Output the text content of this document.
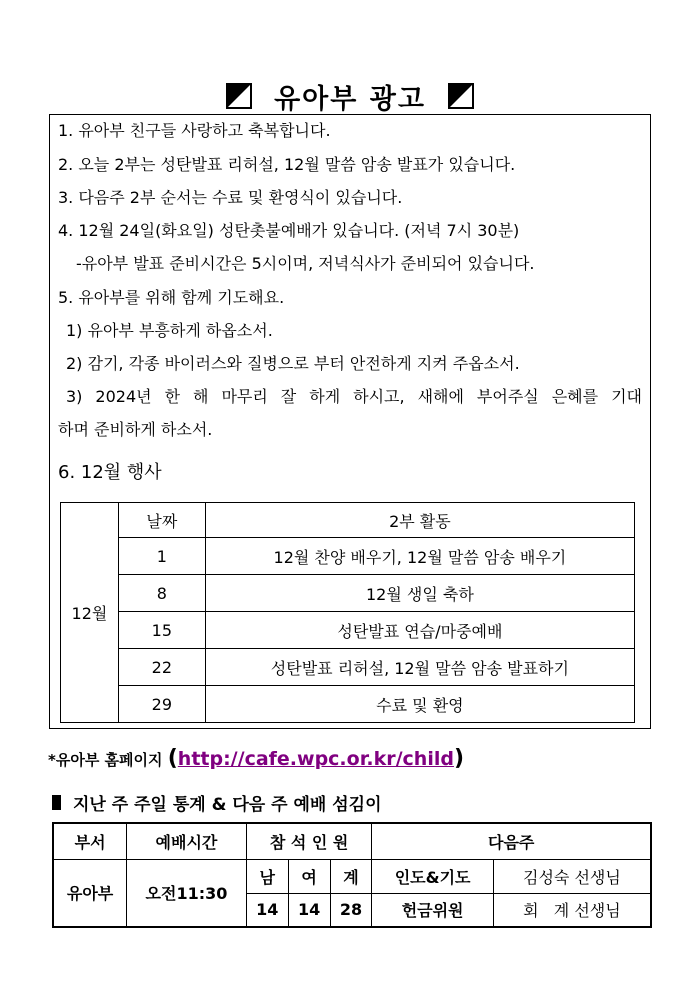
유아부 광고
1. 유아부 친구들 사랑하고 축복합니다.
2. 오늘 2부는 성탄발표 리허설, 12월 말씀 암송 발표가 있습니다.
3. 다음주 2부 순서는 수료 및 환영식이 있습니다.
4. 12월 24일(화요일) 성탄촛불예배가 있습니다. (저녁 7시 30분)
-유아부 발표 준비시간은 5시이며, 저녁식사가 준비되어 있습니다.
5. 유아부를 위해 함께 기도해요.
1) 유아부 부흥하게 하옵소서.
2) 감기, 각종 바이러스와 질병으로 부터 안전하게 지켜 주옵소서.
3) 2024년 한 해 마무리 잘 하게 하시고, 새해에 부어주실 은혜를 기대
하며 준비하게 하소서.
6. 12월 행사
12월	날짜	2부 활동
	1	12월 찬양 배우기, 12월 말씀 암송 배우기
	8	12월 생일 축하
	15	성탄발표 연습/마중예배
	22	성탄발표 리허설, 12월 말씀 암송 발표하기
	29	수료 및 환영
*유아부 홈페이지 (http://cafe.wpc.or.kr/child)
지난 주 주일 통계 & 다음 주 예배 섬김이
부서	예배시간	참 석 인 원			다음주	
유아부	오전11:30	남	여	계	인도&기도	김성숙 선생님
		14	14	28	헌금위원	회   계 선생님
